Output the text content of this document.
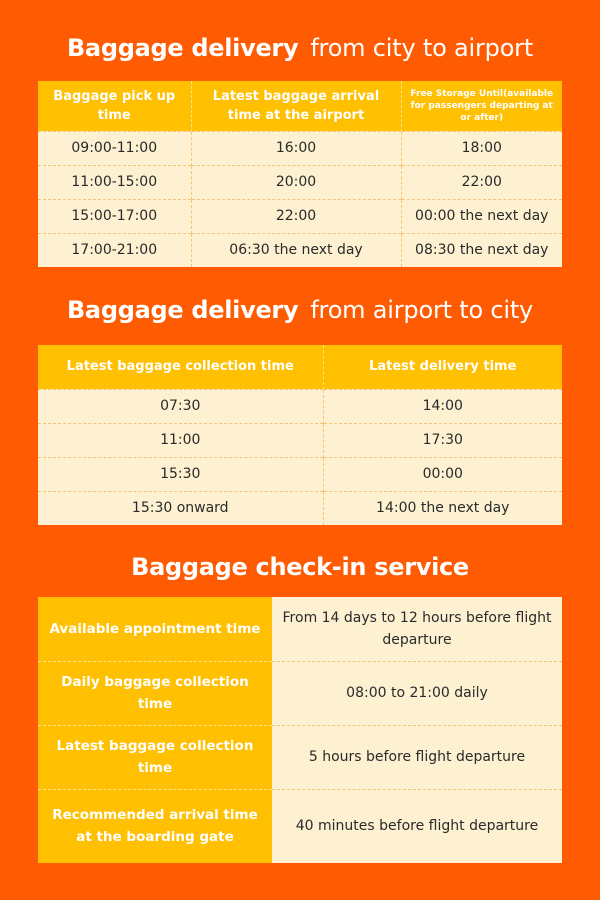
Baggage delivery from city to airport
Baggage pick up time	Latest baggage arrival time at the airport	Free Storage Until(available for passengers departing at or after)
09:00-11:00	16:00	18:00
11:00-15:00	20:00	22:00
15:00-17:00	22:00	00:00 the next day
17:00-21:00	06:30 the next day	08:30 the next day
Baggage delivery from airport to city
Latest baggage collection time	Latest delivery time
07:30	14:00
11:00	17:30
15:30	00:00
15:30 onward	14:00 the next day
Baggage check-in service
Available appointment time	From 14 days to 12 hours before flight departure
Daily baggage collection time	08:00 to 21:00 daily
Latest baggage collection time	5 hours before flight departure
Recommended arrival time at the boarding gate	40 minutes before flight departure
